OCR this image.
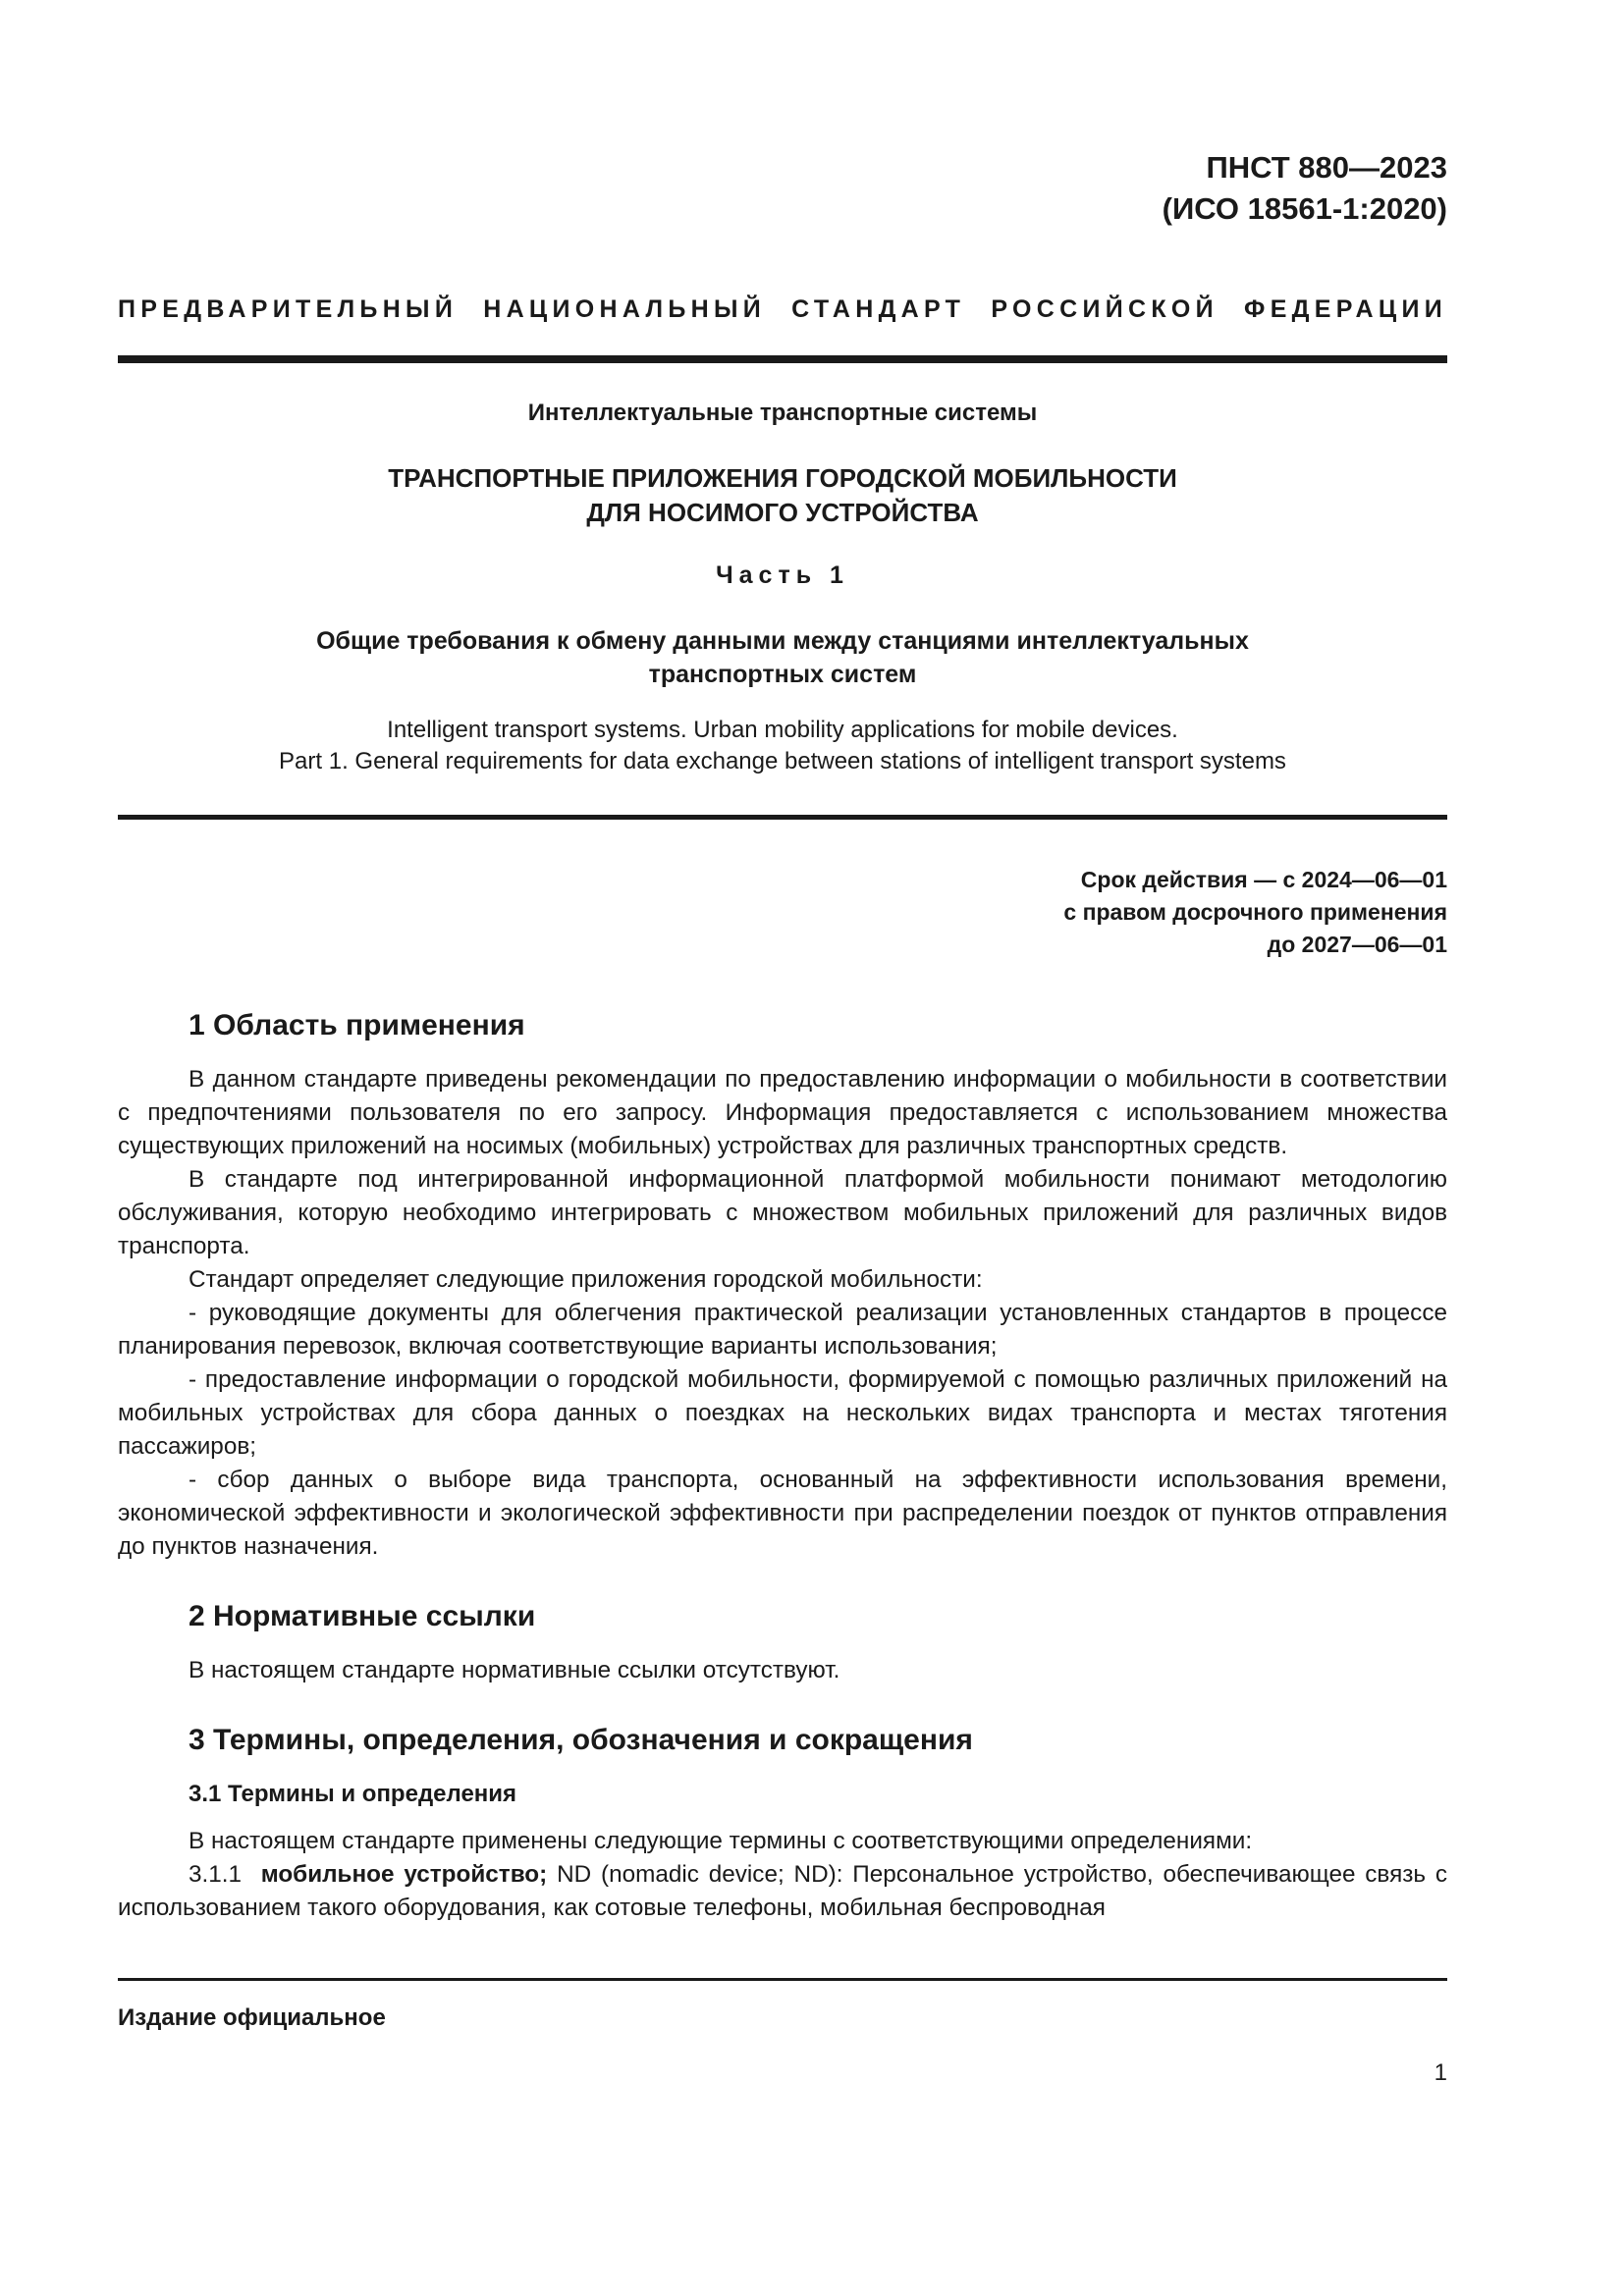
ПНСТ 880—2023
(ИСО 18561-1:2020)
ПРЕДВАРИТЕЛЬНЫЙ НАЦИОНАЛЬНЫЙ СТАНДАРТ РОССИЙСКОЙ ФЕДЕРАЦИИ
Интеллектуальные транспортные системы
ТРАНСПОРТНЫЕ ПРИЛОЖЕНИЯ ГОРОДСКОЙ МОБИЛЬНОСТИ
ДЛЯ НОСИМОГО УСТРОЙСТВА
Часть 1
Общие требования к обмену данными между станциями интеллектуальных
транспортных систем
Intelligent transport systems. Urban mobility applications for mobile devices.
Part 1. General requirements for data exchange between stations of intelligent transport systems
Срок действия — с 2024—06—01
с правом досрочного применения
до 2027—06—01
1 Область применения

В данном стандарте приведены рекомендации по предоставлению информации о мобильности в соответствии с предпочтениями пользователя по его запросу. Информация предоставляется с использованием множества существующих приложений на носимых (мобильных) устройствах для различных транспортных средств.

В стандарте под интегрированной информационной платформой мобильности понимают методологию обслуживания, которую необходимо интегрировать с множеством мобильных приложений для различных видов транспорта.

Стандарт определяет следующие приложения городской мобильности:

- руководящие документы для облегчения практической реализации установленных стандартов в процессе планирования перевозок, включая соответствующие варианты использования;

- предоставление информации о городской мобильности, формируемой с помощью различных приложений на мобильных устройствах для сбора данных о поездках на нескольких видах транспорта и местах тяготения пассажиров;

- сбор данных о выборе вида транспорта, основанный на эффективности использования времени, экономической эффективности и экологической эффективности при распределении поездок от пунктов отправления до пунктов назначения.

2 Нормативные ссылки

В настоящем стандарте нормативные ссылки отсутствуют.

3 Термины, определения, обозначения и сокращения
3.1 Термины и определения

В настоящем стандарте применены следующие термины с соответствующими определениями:

3.1.1 мобильное устройство; ND (nomadic device; ND): Персональное устройство, обеспечивающее связь с использованием такого оборудования, как сотовые телефоны, мобильная беспроводная

Издание официальное
1
